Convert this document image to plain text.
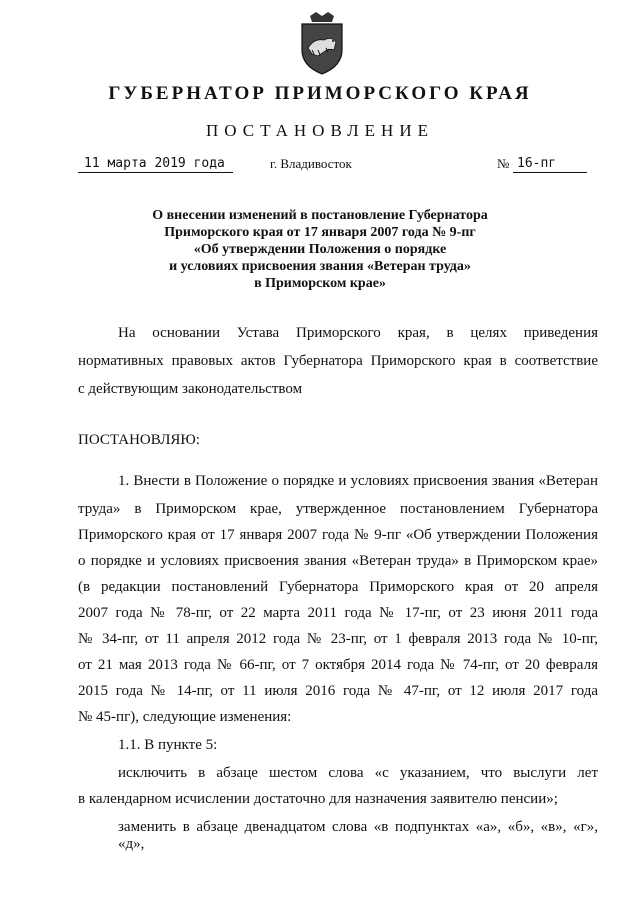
ГУБЕРНАТОР ПРИМОРСКОГО КРАЯ
ПОСТАНОВЛЕНИЕ
11 марта 2019 года	г. Владивосток	№ 16-пг
О внесении изменений в постановление Губернатора
Приморского края от 17 января 2007 года № 9-пг
«Об утверждении Положения о порядке
и условиях присвоения звания «Ветеран труда»
в Приморском крае»
На основании Устава Приморского края, в целях приведения
нормативных правовых актов Губернатора Приморского края в соответствие
с действующим законодательством
ПОСТАНОВЛЯЮ:
1. Внести в Положение о порядке и условиях присвоения звания «Ветеран
труда» в Приморском крае, утвержденное постановлением Губернатора
Приморского края от 17 января 2007 года № 9-пг «Об утверждении Положения
о порядке и условиях присвоения звания «Ветеран труда» в Приморском крае»
(в редакции постановлений Губернатора Приморского края от 20 апреля
2007 года № 78-пг, от 22 марта 2011 года № 17-пг, от 23 июня 2011 года
№ 34-пг, от 11 апреля 2012 года № 23-пг, от 1 февраля 2013 года № 10-пг,
от 21 мая 2013 года № 66-пг, от 7 октября 2014 года № 74-пг, от 20 февраля
2015 года № 14-пг, от 11 июля 2016 года № 47-пг, от 12 июля 2017 года
№ 45-пг), следующие изменения:
1.1. В пункте 5:
исключить в абзаце шестом слова «с указанием, что выслуги лет
в календарном исчислении достаточно для назначения заявителю пенсии»;
заменить в абзаце двенадцатом слова «в подпунктах «а», «б», «в», «г», «д»,
